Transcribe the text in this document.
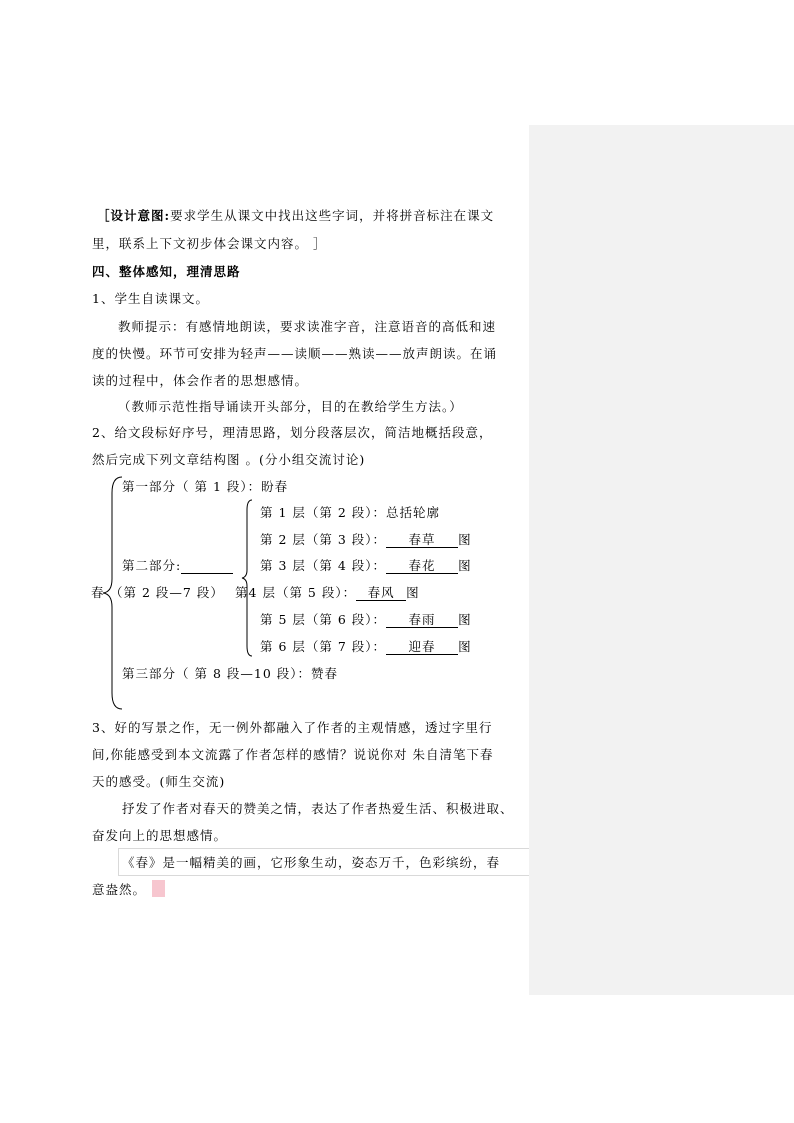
［设计意图:要求学生从课文中找出这些字词，并将拼音标注在课文
里，联系上下文初步体会课文内容。 ］
四、整体感知，理清思路
1、学生自读课文。
教师提示：有感情地朗读，要求读准字音，注意语音的高低和速
度的快慢。环节可安排为轻声——读顺——熟读——放声朗读。在诵
读的过程中，体会作者的思想感情。
（教师示范性指导诵读开头部分，目的在教给学生方法。）
2、给文段标好序号，理清思路，划分段落层次，简洁地概括段意，
然后完成下列文章结构图 。(分小组交流讨论)
第一部分（ 第 1 段）：盼春
第 1 层（第 2 段）：总括轮廓
第 2 层（第 3 段）： 春草 图
第二部分:	第 3 层（第 4 段）： 春花 图
春 （第 2 段—7 段） 第4 层（第 5 段）： 春风 图
第 5 层（第 6 段）： 春雨 图
第 6 层（第 7 段）： 迎春 图
第三部分（ 第 8 段—10 段）：赞春
3、好的写景之作，无一例外都融入了作者的主观情感，透过字里行
间,你能感受到本文流露了作者怎样的感情？说说你对 朱自清笔下春
天的感受。(师生交流)
抒发了作者对春天的赞美之情，表达了作者热爱生活、积极进取、
奋发向上的思想感情。
《春》是一幅精美的画，它形象生动，姿态万千，色彩缤纷，春
意盎然。
